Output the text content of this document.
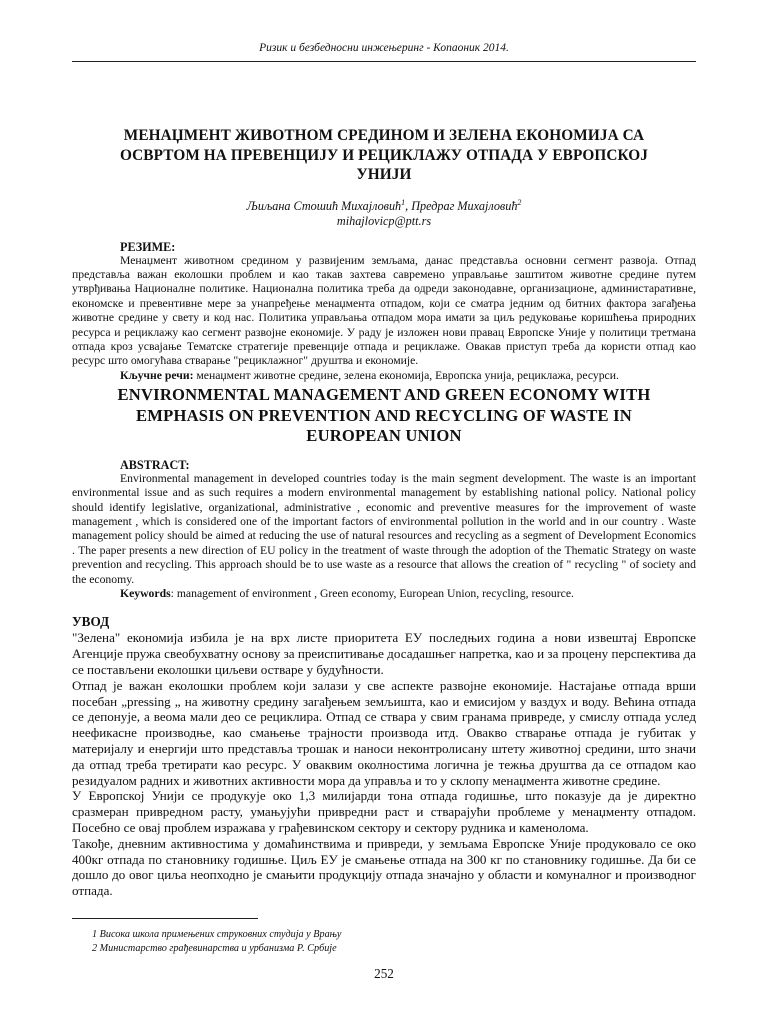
Ризик и безбедносни инжењеринг - Копаоник 2014.

МЕНАЏМЕНТ ЖИВОТНОМ СРЕДИНОМ И ЗЕЛЕНА ЕКОНОМИЈА СА

ОСВРТОМ НА ПРЕВЕНЦИЈУ И РЕЦИКЛАЖУ ОТПАДА У ЕВРОПСКОЈ

УНИЈИ

Љиљана Стошић Михајловић$^1$, Предраг Михајловић$^2$
mihajlovicp@ptt.rs
РЕЗИМЕ:

Менаџмент животном средином у развијеним земљама, данас представља основни сегмент развоја. Отпад представља важан еколошки проблем и као такав захтева савремено управљање заштитом животне средине путем утврђивања Националне политике. Национална политика треба да одреди законодавне, организационе, администаративне, економске и превентивне мере за унапређење менаџмента отпадом, који се сматра једним од битних фактора загађења животне средине у свету и код нас. Политика управљања отпадом мора имати за циљ редуковање коришћења природних ресурса и рециклажу као сегмент развојне економије. У раду је изложен нови правац Европске Уније у политици третмана отпада кроз усвајање Тематске стратегије превенције отпада и рециклаже. Овакав приступ треба да користи отпад као ресурс што омогућава стварање "рециклажног" друштва и економије.

Кључне речи: менаџмент животне средине, зелена економија, Европска унија, рециклажа, ресурси.
ENVIRONMENTAL MANAGEMENT AND GREEN ECONOMY WITH
EMPHASIS ON PREVENTION AND RECYCLING OF WASTE IN
EUROPEAN UNION
ABSTRACT:

Environmental management in developed countries today is the main segment development. The waste is an important environmental issue and as such requires a modern environmental management by establishing national policy. National policy should identify legislative, organizational, administrative , economic and preventive measures for the improvement of waste management , which is considered one of the important factors of environmental pollution in the world and in our country . Waste management policy should be aimed at reducing the use of natural resources and recycling as a segment of Development Economics . The paper presents a new direction of EU policy in the treatment of waste through the adoption of the Thematic Strategy on waste prevention and recycling. This approach should be to use waste as a resource that allows the creation of " recycling " of society and the economy.

Keywords: management of environment , Green economy, European Union, recycling, resource.
УВОД

"Зелена" економија избила је на врх листе приоритета ЕУ последњих година а нови извештај Европске Агенције пружа свеобухватну основу за преиспитивање досадашњег напретка, као и за процену перспектива да се постављени еколошки циљеви остваре у будућности.

Отпад је важан еколошки проблем који залази у све аспекте развојне економије. Настајање отпада врши посебан „pressing „ на животну средину загађењем земљишта, као и емисијом у ваздух и воду. Већина отпада се депонује, а веома мали део се рециклира. Отпад се ствара у свим гранама привреде, у смислу отпада услед неефикасне производње, као смањење трајности производа итд. Овакво стварање отпада је губитак у материјалу и енергији што представља трошак и наноси неконтролисану штету животној средини, што значи да отпад треба третирати као ресурс. У оваквим околностима логична је тежња друштва да се отпадом као резидуалом радних и животних активности мора да управља и то у склопу менаџмента животне средине.

У Европској Унији се продукује око 1,3 милијарди тона отпада годишње, што показује да је директно сразмеран привредном расту, умањујући привредни раст и стварајући проблеме у менаџменту отпадом. Посебно се овај проблем изражава у грађевинском сектору и сектору рудника и каменолома.

Такође, дневним активностима у домаћинствима и привреди, у земљама Европске Уније продуковало се око 400кг отпада по становнику годишње. Циљ ЕУ је смањење отпада на 300 кг по становнику годишње. Да би се дошло до овог циља неопходно је смањити продукцију отпада значајно у области и комуналног и производног отпада.

1 Висока школа примењених струковних студија у Врању
2 Министарство грађевинарства и урбанизма Р. Србије
252
